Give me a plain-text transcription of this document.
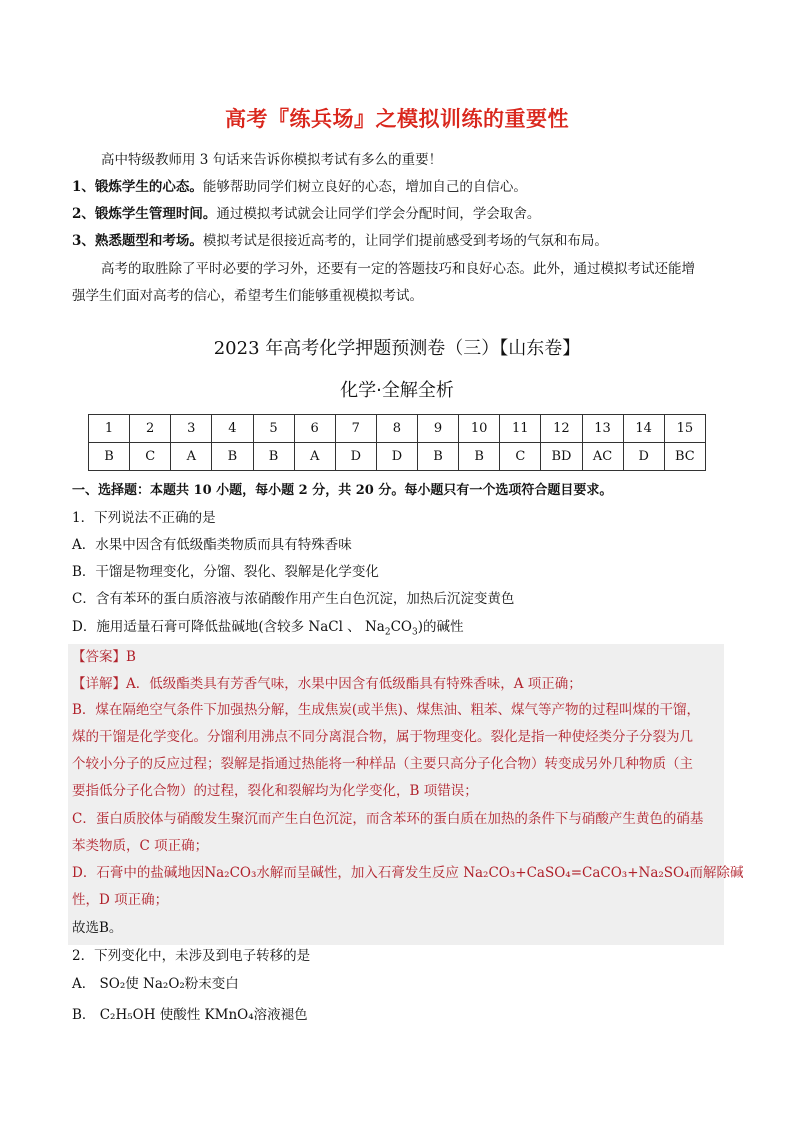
高考『练兵场』之模拟训练的重要性
高中特级教师用 3 句话来告诉你模拟考试有多么的重要！
1、锻炼学生的心态。能够帮助同学们树立良好的心态，增加自己的自信心。
2、锻炼学生管理时间。通过模拟考试就会让同学们学会分配时间，学会取舍。
3、熟悉题型和考场。模拟考试是很接近高考的，让同学们提前感受到考场的气氛和布局。
高考的取胜除了平时必要的学习外，还要有一定的答题技巧和良好心态。此外，通过模拟考试还能增
强学生们面对高考的信心，希望考生们能够重视模拟考试。
2023 年高考化学押题预测卷（三）【山东卷】
化学·全解全析
1	2	3	4	5	6	7	8	9	10	11	12	13	14	15
B	C	A	B	B	A	D	D	B	B	C	BD	AC	D	BC
一、选择题：本题共 10 小题，每小题 2 分，共 20 分。每小题只有一个选项符合题目要求。
1．下列说法不正确的是
A．水果中因含有低级酯类物质而具有特殊香味
B．干馏是物理变化，分馏、裂化、裂解是化学变化
C．含有苯环的蛋白质溶液与浓硝酸作用产生白色沉淀，加热后沉淀变黄色
D．施用适量石膏可降低盐碱地(含较多 NaCl 、 $Na_2CO_3$)的碱性
【答案】B
【详解】A．低级酯类具有芳香气味，水果中因含有低级酯具有特殊香味，A 项正确；
B．煤在隔绝空气条件下加强热分解，生成焦炭(或半焦)、煤焦油、粗苯、煤气等产物的过程叫煤的干馏，
煤的干馏是化学变化。分馏利用沸点不同分离混合物，属于物理变化。裂化是指一种使烃类分子分裂为几
个较小分子的反应过程；裂解是指通过热能将一种样品（主要只高分子化合物）转变成另外几种物质（主
要指低分子化合物）的过程，裂化和裂解均为化学变化，B 项错误；
C．蛋白质胶体与硝酸发生聚沉而产生白色沉淀，而含苯环的蛋白质在加热的条件下与硝酸产生黄色的硝基
苯类物质，C 项正确；
D．石膏中的盐碱地因Na₂CO₃水解而呈碱性，加入石膏发生反应 Na₂CO₃+CaSO₄=CaCO₃+Na₂SO₄而解除碱
性，D 项正确；
故选B。
2．下列变化中，未涉及到电子转移的是
A． SO₂使 Na₂O₂粉末变白
B． C₂H₅OH 使酸性 KMnO₄溶液褪色
